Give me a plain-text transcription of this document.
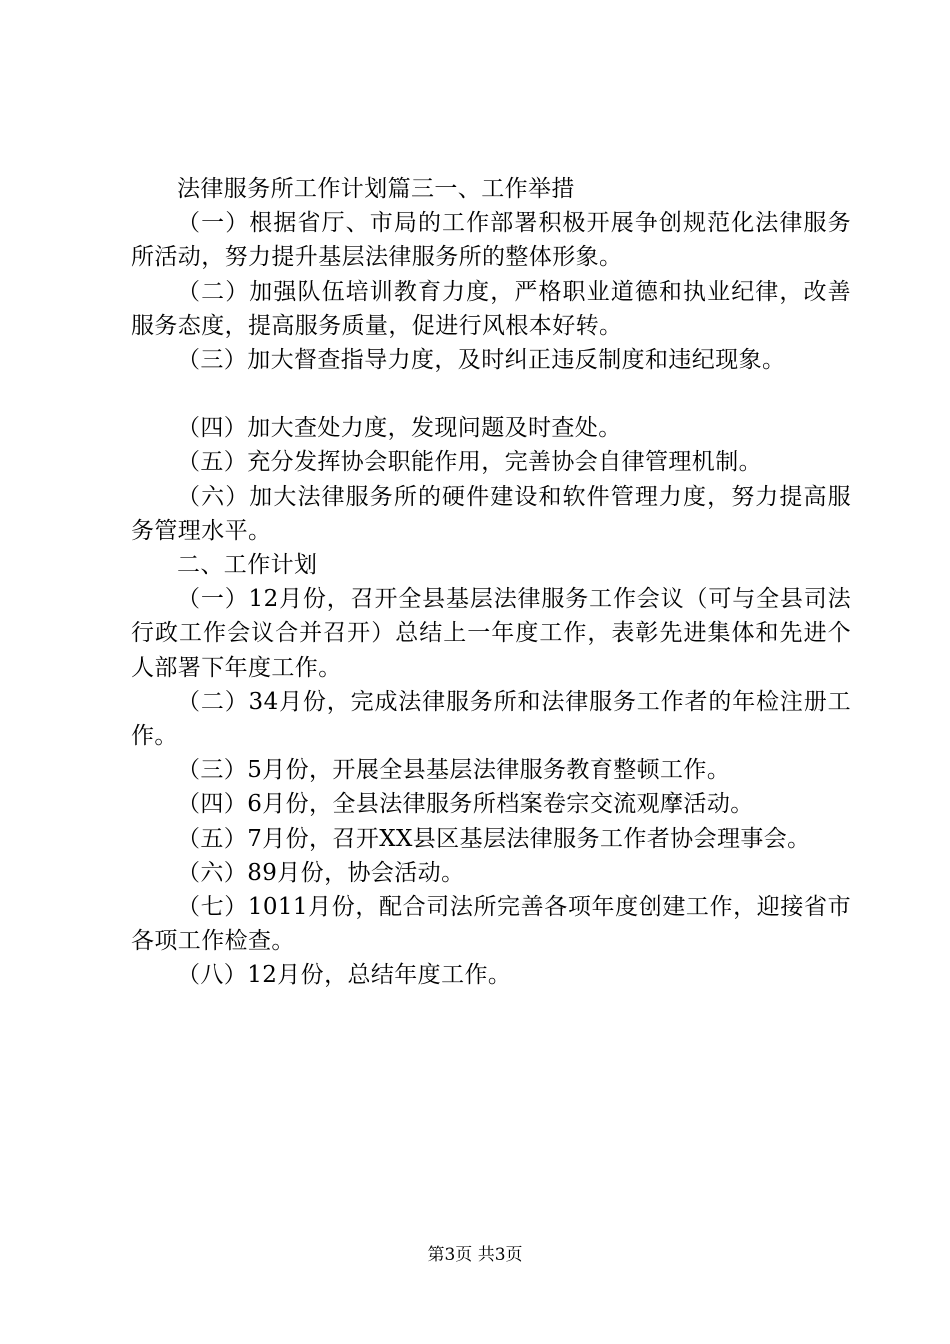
法律服务所工作计划篇三一、工作举措

（一）根据省厅、市局的工作部署积极开展争创规范化法律服务所活动，努力提升基层法律服务所的整体形象。

（二）加强队伍培训教育力度，严格职业道德和执业纪律，改善服务态度，提高服务质量，促进行风根本好转。

（三）加大督查指导力度，及时纠正违反制度和违纪现象。

（四）加大查处力度，发现问题及时查处。

（五）充分发挥协会职能作用，完善协会自律管理机制。

（六）加大法律服务所的硬件建设和软件管理力度，努力提高服务管理水平。

二、工作计划

（一）12月份，召开全县基层法律服务工作会议（可与全县司法行政工作会议合并召开）总结上一年度工作，表彰先进集体和先进个人部署下年度工作。

（二）34月份，完成法律服务所和法律服务工作者的年检注册工作。

（三）5月份，开展全县基层法律服务教育整顿工作。

（四）6月份，全县法律服务所档案卷宗交流观摩活动。

（五）7月份，召开XX县区基层法律服务工作者协会理事会。

（六）89月份，协会活动。

（七）1011月份，配合司法所完善各项年度创建工作，迎接省市各项工作检查。

（八）12月份，总结年度工作。

第3页 共3页
